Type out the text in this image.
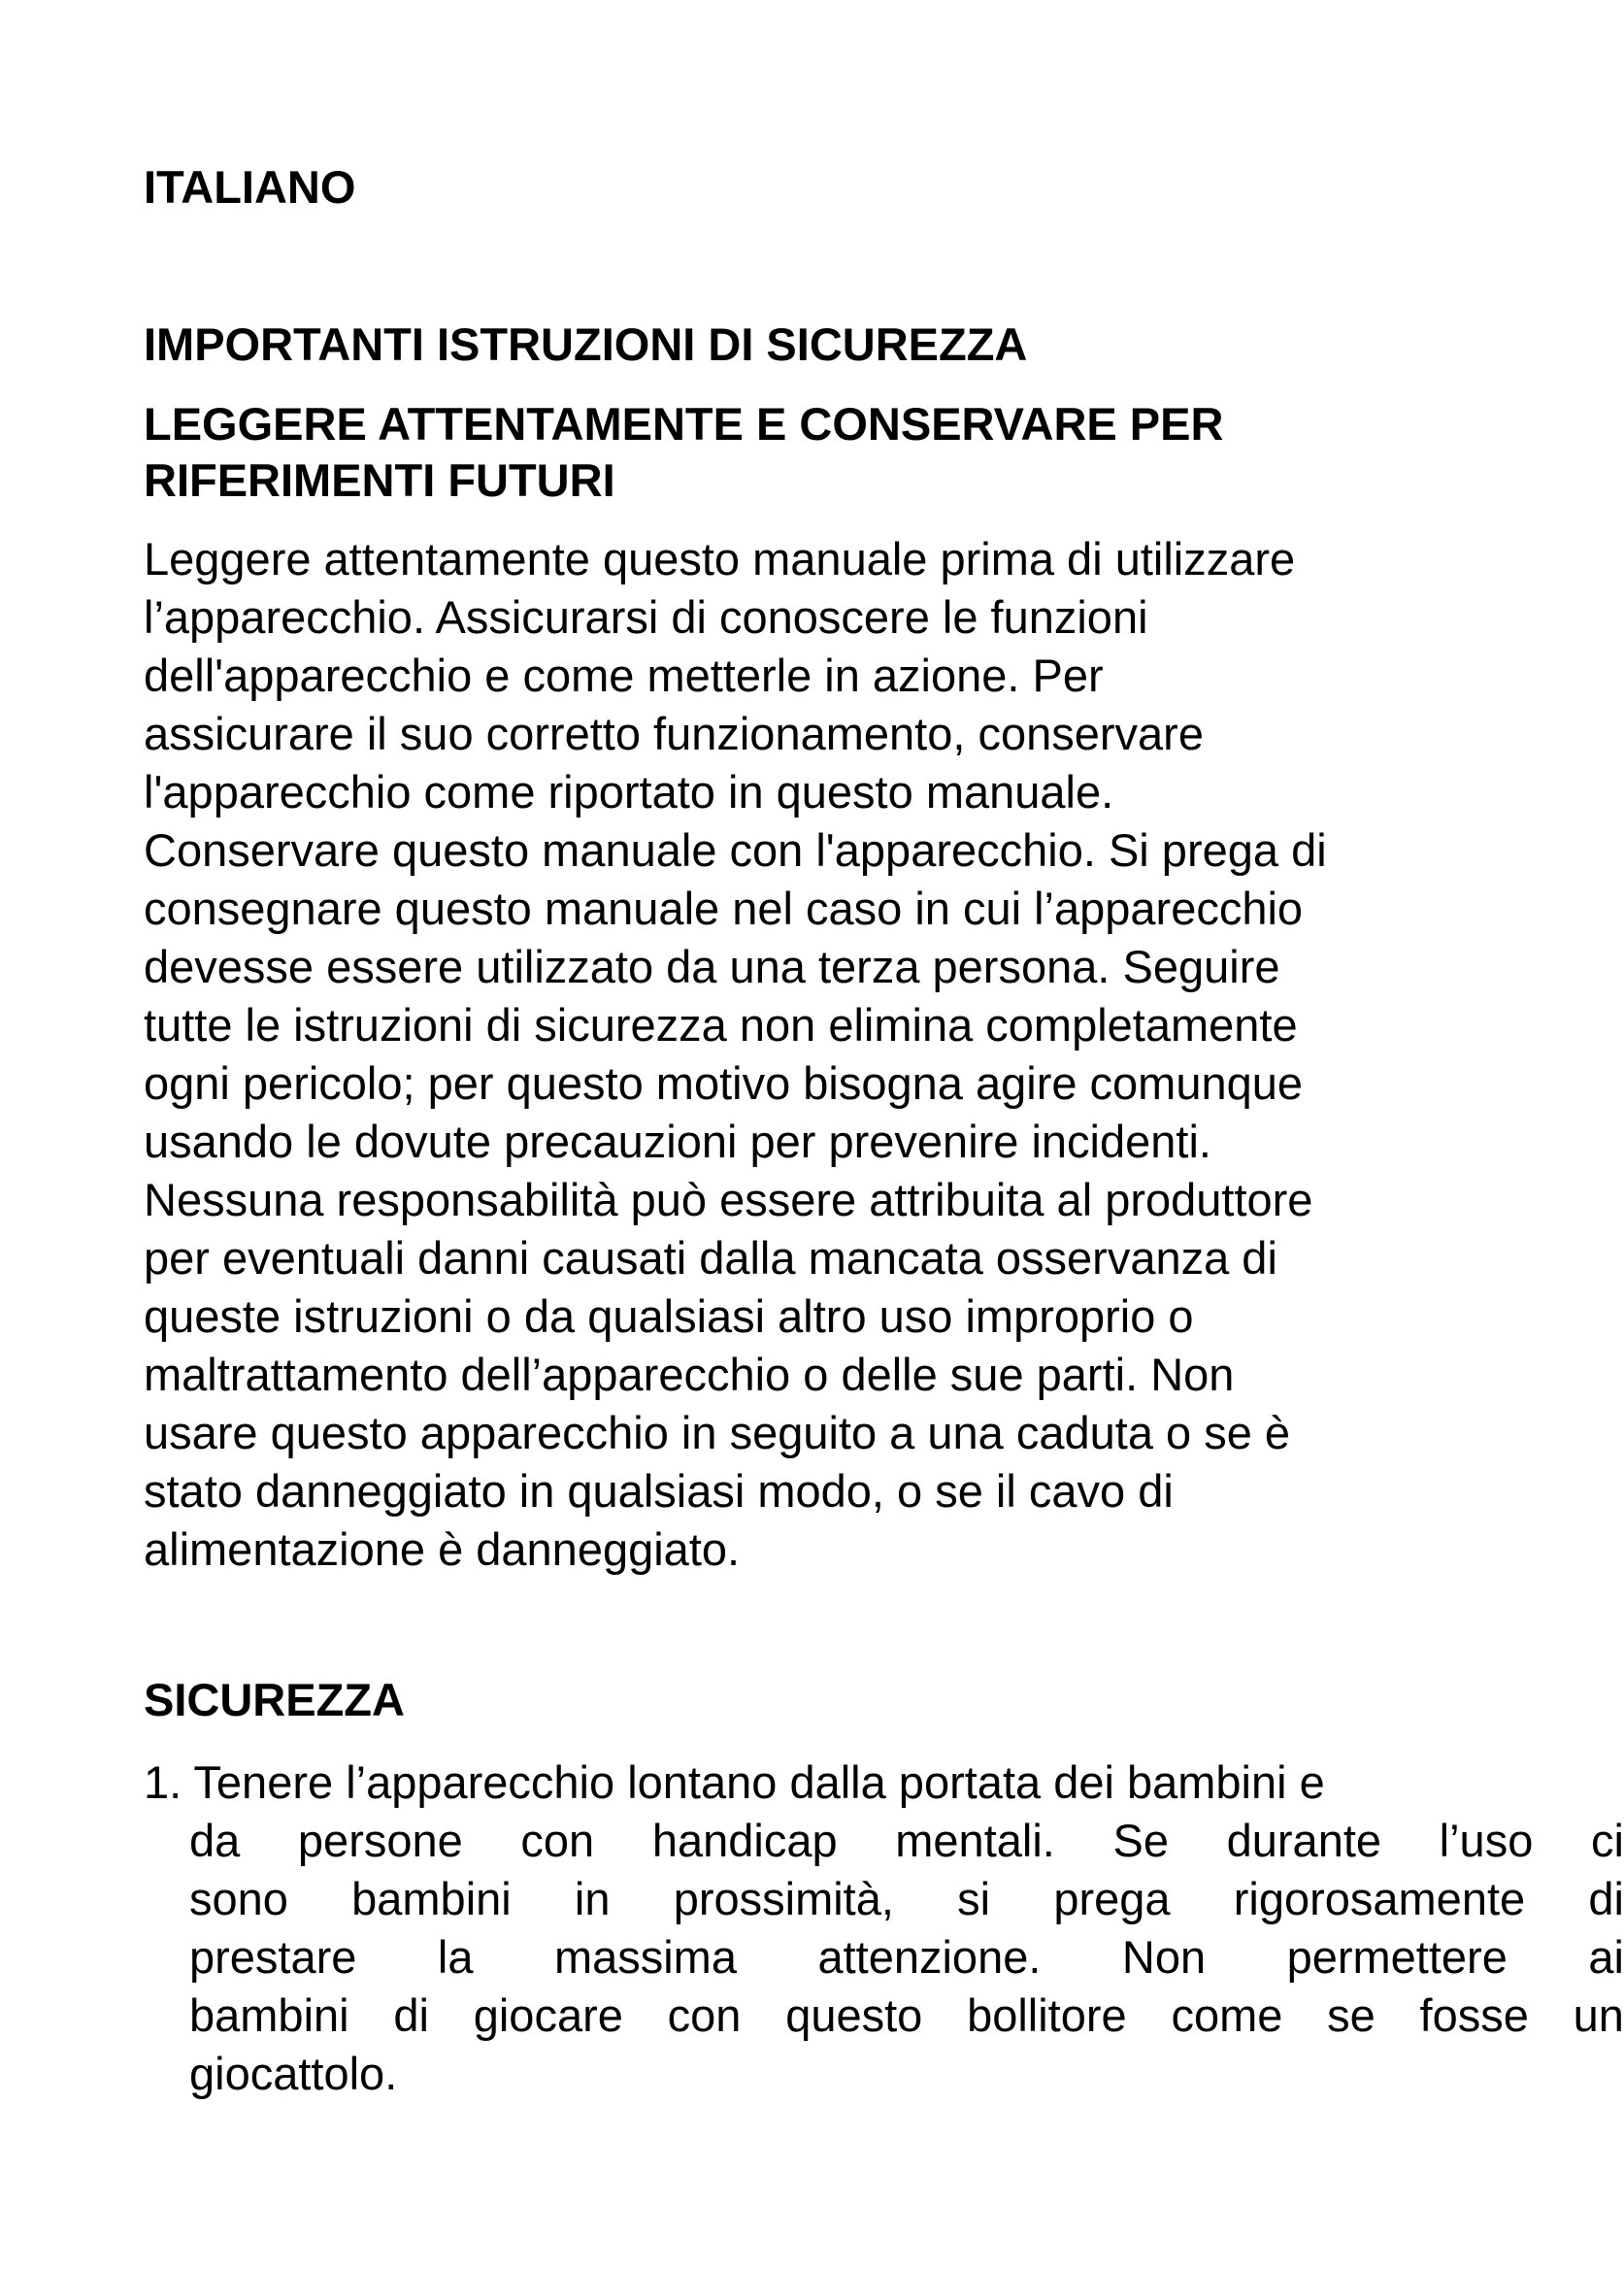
ITALIANO
IMPORTANTI ISTRUZIONI DI SICUREZZA
LEGGERE ATTENTAMENTE E CONSERVARE PER
RIFERIMENTI FUTURI

Leggere attentamente questo manuale prima di utilizzare
l’apparecchio. Assicurarsi di conoscere le funzioni
dell'apparecchio e come metterle in azione. Per
assicurare il suo corretto funzionamento, conservare
l'apparecchio come riportato in questo manuale.
Conservare questo manuale con l'apparecchio. Si prega di
consegnare questo manuale nel caso in cui l’apparecchio
devesse essere utilizzato da una terza persona. Seguire
tutte le istruzioni di sicurezza non elimina completamente
ogni pericolo; per questo motivo bisogna agire comunque
usando le dovute precauzioni per prevenire incidenti.
Nessuna responsabilità può essere attribuita al produttore
per eventuali danni causati dalla mancata osservanza di
queste istruzioni o da qualsiasi altro uso improprio o
maltrattamento dell’apparecchio o delle sue parti. Non
usare questo apparecchio in seguito a una caduta o se è
stato danneggiato in qualsiasi modo, o se il cavo di
alimentazione è danneggiato.

SICUREZZA
1. Tenere l’apparecchio lontano dalla portata dei bambini e
da persone con handicap mentali. Se durante l’uso ci
sono bambini in prossimità, si prega rigorosamente di
prestare la massima attenzione. Non permettere ai
bambini di giocare con questo bollitore come se fosse un
giocattolo.
